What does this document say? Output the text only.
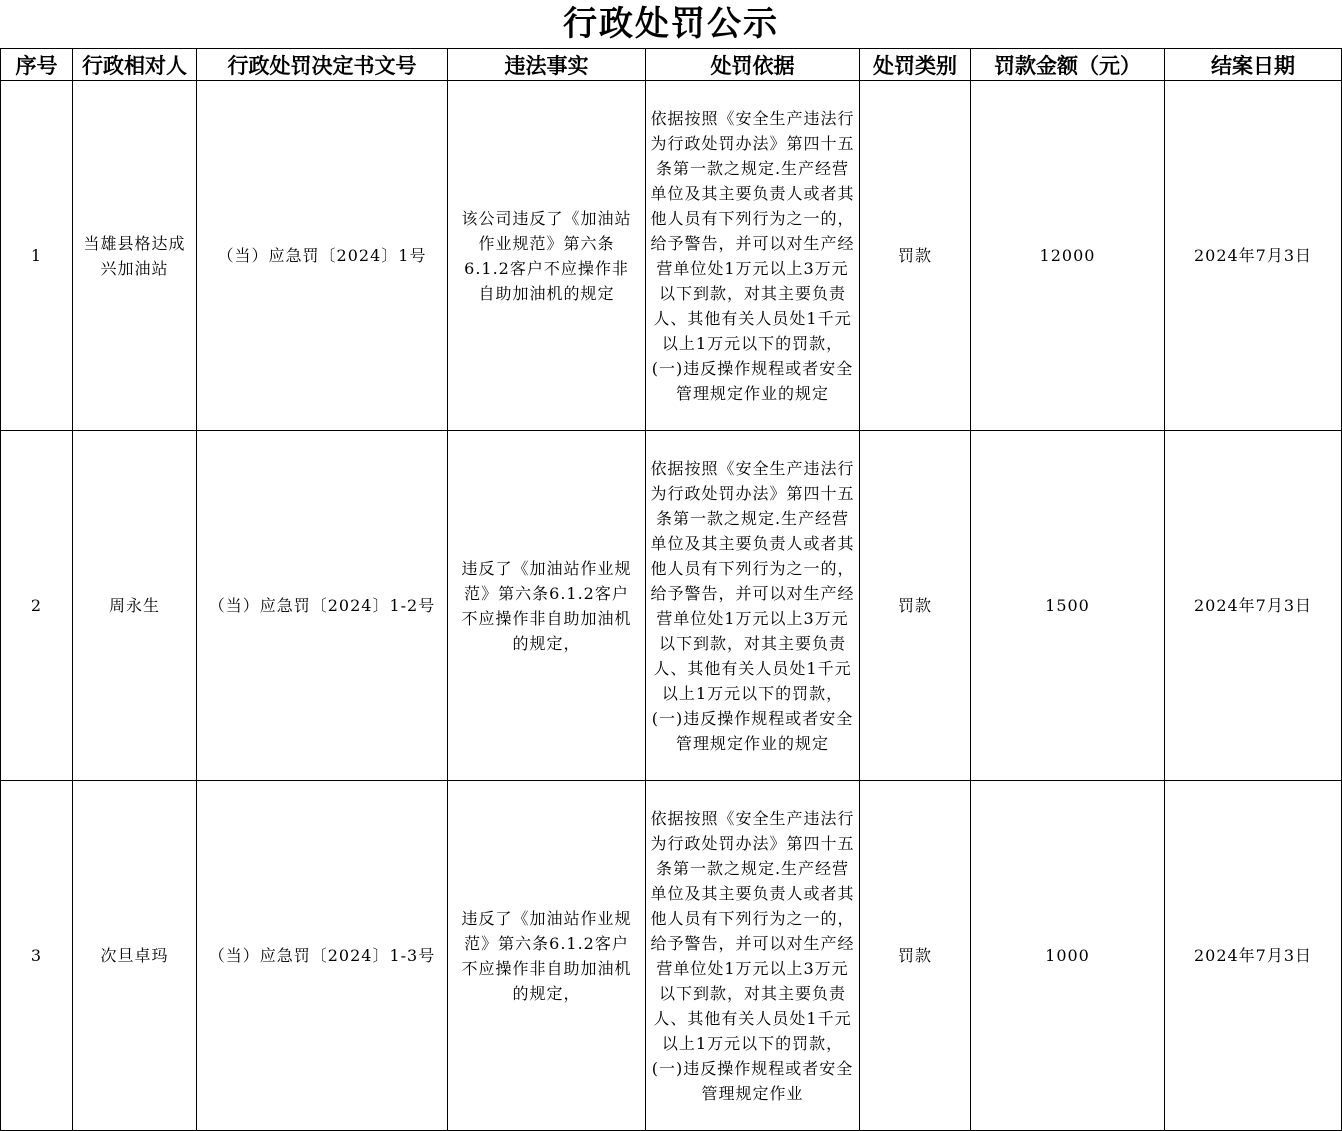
行政处罚公示
序号	行政相对人	行政处罚决定书文号	违法事实	处罚依据	处罚类别	罚款金额（元）	结案日期
1	当雄县格达成兴加油站	（当）应急罚〔2024〕1号	该公司违反了《加油站作业规范》第六条6.1.2客户不应操作非自助加油机的规定	依据按照《安全生产违法行为行政处罚办法》第四十五条第一款之规定.生产经营单位及其主要负责人或者其他人员有下列行为之一的，给予警告，并可以对生产经营单位处1万元以上3万元以下到款，对其主要负责人、其他有关人员处1千元以上1万元以下的罚款，(一)违反操作规程或者安全管理规定作业的规定	罚款	12000	2024年7月3日
2	周永生	（当）应急罚〔2024〕1-2号	违反了《加油站作业规范》第六条6.1.2客户不应操作非自助加油机的规定，	依据按照《安全生产违法行为行政处罚办法》第四十五条第一款之规定.生产经营单位及其主要负责人或者其他人员有下列行为之一的，给予警告，并可以对生产经营单位处1万元以上3万元以下到款，对其主要负责人、其他有关人员处1千元以上1万元以下的罚款，(一)违反操作规程或者安全管理规定作业的规定	罚款	1500	2024年7月3日
3	次旦卓玛	（当）应急罚〔2024〕1-3号	违反了《加油站作业规范》第六条6.1.2客户不应操作非自助加油机的规定，	依据按照《安全生产违法行为行政处罚办法》第四十五条第一款之规定.生产经营单位及其主要负责人或者其他人员有下列行为之一的，给予警告，并可以对生产经营单位处1万元以上3万元以下到款，对其主要负责人、其他有关人员处1千元以上1万元以下的罚款，(一)违反操作规程或者安全管理规定作业	罚款	1000	2024年7月3日
